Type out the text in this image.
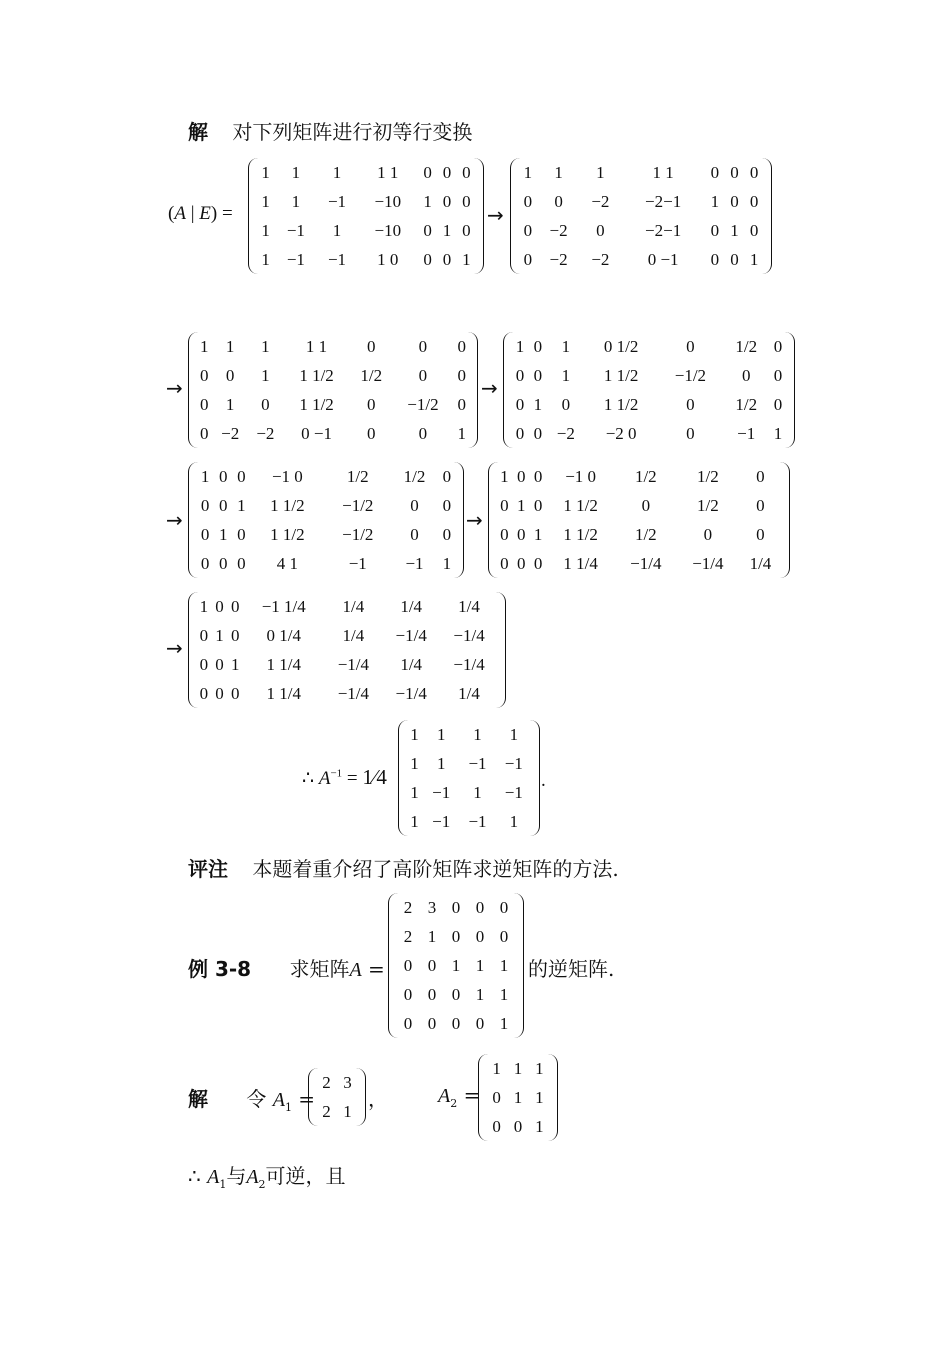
解 对下列矩阵进行初等行变换
(A | E) =
1	1	1	1 1	0	0	0
1	1	−1	−10	1	0	0
1	−1	1	−10	0	1	0
1	−1	−1	1 0	0	0	1
→
1	1	1	1 1	0	0	0
0	0	−2	−2−1	1	0	0
0	−2	0	−2−1	0	1	0
0	−2	−2	0 −1	0	0	1
→
1	1	1	1 1	0	0	0
0	0	1	1 1/2	1/2	0	0
0	1	0	1 1/2	0	−1/2	0
0	−2	−2	0 −1	0	0	1
→
1	0	1	0 1/2	0	1/2	0
0	0	1	1 1/2	−1/2	0	0
0	1	0	1 1/2	0	1/2	0
0	0	−2	−2 0	0	−1	1
→
1	0	0	−1 0	1/2	1/2	0
0	0	1	1 1/2	−1/2	0	0
0	1	0	1 1/2	−1/2	0	0
0	0	0	4 1	−1	−1	1
→
1	0	0	−1 0	1/2	1/2	0
0	1	0	1 1/2	0	1/2	0
0	0	1	1 1/2	1/2	0	0
0	0	0	1 1/4	−1/4	−1/4	1/4
→
1	0	0	−1 1/4	1/4	1/4	1/4
0	1	0	0 1/4	1/4	−1/4	−1/4
0	0	1	1 1/4	−1/4	1/4	−1/4
0	0	0	1 1/4	−1/4	−1/4	1/4
∴ $A^{-1}$ = 1⁄4
1	1	1	1
1	1	−1	−1
1	−1	1	−1
1	−1	−1	1
.
评注 本题着重介绍了高阶矩阵求逆矩阵的方法.
例 3-8 求矩阵A =
2	3	0	0	0
2	1	0	0	0
0	0	1	1	1
0	0	0	1	1
0	0	0	0	1
的逆矩阵.
解 令 $A_1$ =
2	3
2	1 ，	$A_2$ =
1	1	1
0	1	1
0	0	1
∴ $A_1$与$A_2$可逆，且
